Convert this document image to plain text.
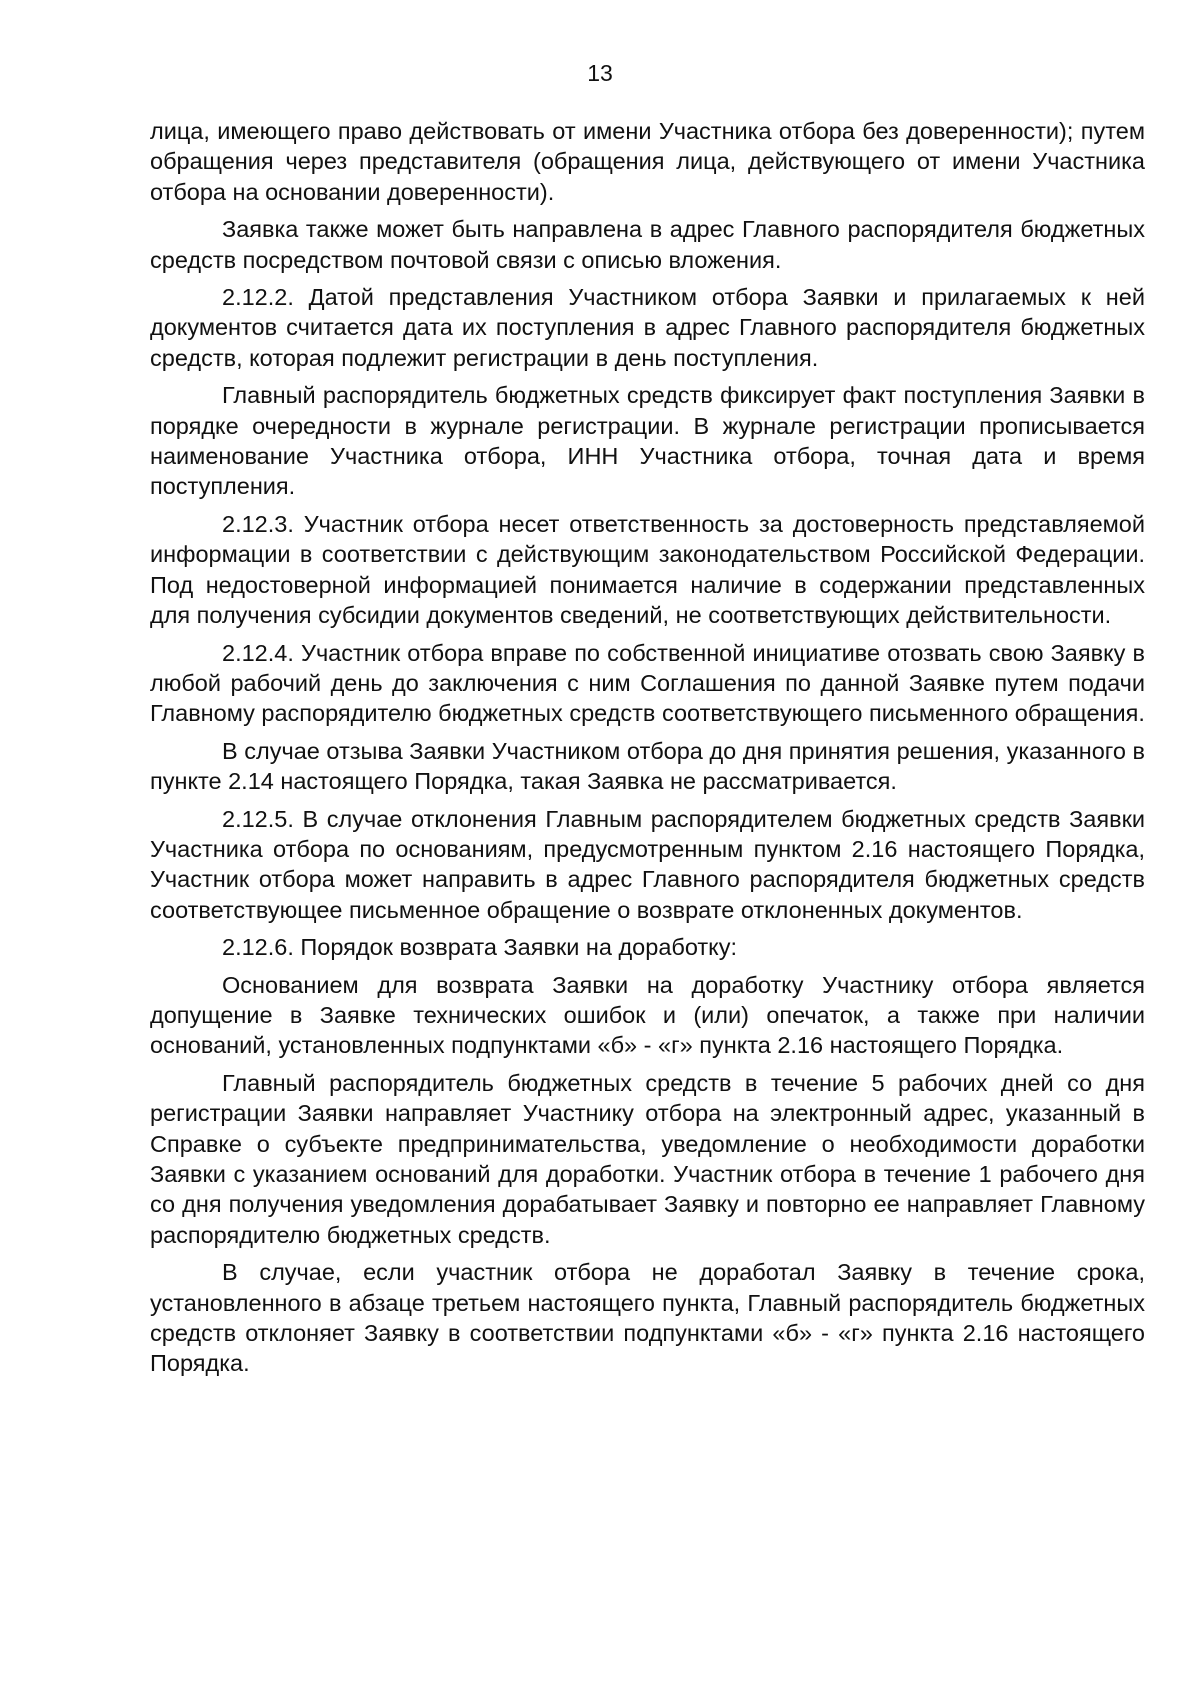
13

лица, имеющего право действовать от имени Участника отбора без доверенности); путем обращения через представителя (обращения лица, действующего от имени Участника отбора на основании доверенности).

Заявка также может быть направлена в адрес Главного распорядителя бюджетных средств посредством почтовой связи с описью вложения.

2.12.2. Датой представления Участником отбора Заявки и прилагаемых к ней документов считается дата их поступления в адрес Главного распорядителя бюджетных средств, которая подлежит регистрации в день поступления.

Главный распорядитель бюджетных средств фиксирует факт поступления Заявки в порядке очередности в журнале регистрации. В журнале регистрации прописывается наименование Участника отбора, ИНН Участника отбора, точная дата и время поступления.

2.12.3. Участник отбора несет ответственность за достоверность представляемой информации в соответствии с действующим законодательством Российской Федерации. Под недостоверной информацией понимается наличие в содержании представленных для получения субсидии документов сведений, не соответствующих действительности.

2.12.4. Участник отбора вправе по собственной инициативе отозвать свою Заявку в любой рабочий день до заключения с ним Соглашения по данной Заявке путем подачи Главному распорядителю бюджетных средств соответствующего письменного обращения.

В случае отзыва Заявки Участником отбора до дня принятия решения, указанного в пункте 2.14 настоящего Порядка, такая Заявка не рассматривается.

2.12.5. В случае отклонения Главным распорядителем бюджетных средств Заявки Участника отбора по основаниям, предусмотренным пунктом 2.16 настоящего Порядка, Участник отбора может направить в адрес Главного распорядителя бюджетных средств соответствующее письменное обращение о возврате отклоненных документов.

2.12.6. Порядок возврата Заявки на доработку:

Основанием для возврата Заявки на доработку Участнику отбора является допущение в Заявке технических ошибок и (или) опечаток, а также при наличии оснований, установленных подпунктами «б» - «г» пункта 2.16 настоящего Порядка.

Главный распорядитель бюджетных средств в течение 5 рабочих дней со дня регистрации Заявки направляет Участнику отбора на электронный адрес, указанный в Справке о субъекте предпринимательства, уведомление о необходимости доработки Заявки с указанием оснований для доработки. Участник отбора в течение 1 рабочего дня со дня получения уведомления дорабатывает Заявку и повторно ее направляет Главному распорядителю бюджетных средств.

В случае, если участник отбора не доработал Заявку в течение срока, установленного в абзаце третьем настоящего пункта, Главный распорядитель бюджетных средств отклоняет Заявку в соответствии подпунктами «б» - «г» пункта 2.16 настоящего Порядка.
